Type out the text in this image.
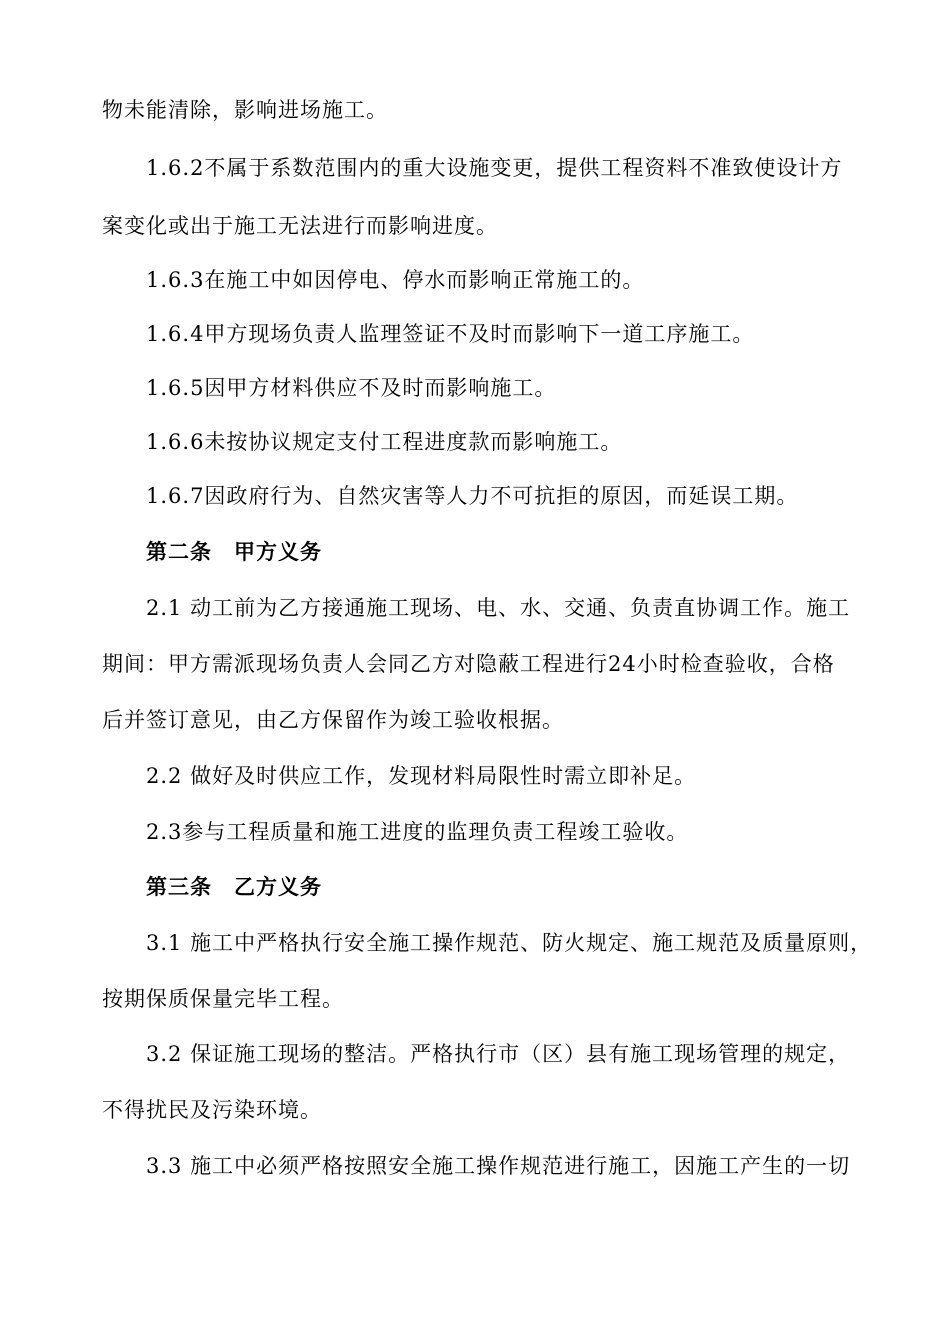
物未能清除，影响进场施工。
1.6.2不属于系数范围内的重大设施变更，提供工程资料不准致使设计方
案变化或出于施工无法进行而影响进度。
1.6.3在施工中如因停电、停水而影响正常施工的。
1.6.4甲方现场负责人监理签证不及时而影响下一道工序施工。
1.6.5因甲方材料供应不及时而影响施工。
1.6.6未按协议规定支付工程进度款而影响施工。
1.6.7因政府行为、自然灾害等人力不可抗拒的原因，而延误工期。
第二条　甲方义务
2.1 动工前为乙方接通施工现场、电、水、交通、负责直协调工作。施工
期间：甲方需派现场负责人会同乙方对隐蔽工程进行24小时检查验收，合格
后并签订意见，由乙方保留作为竣工验收根据。
2.2 做好及时供应工作，发现材料局限性时需立即补足。
2.3参与工程质量和施工进度的监理负责工程竣工验收。
第三条　乙方义务
3.1 施工中严格执行安全施工操作规范、防火规定、施工规范及质量原则，
按期保质保量完毕工程。
3.2 保证施工现场的整洁。严格执行市（区）县有施工现场管理的规定，
不得扰民及污染环境。
3.3 施工中必须严格按照安全施工操作规范进行施工，因施工产生的一切
